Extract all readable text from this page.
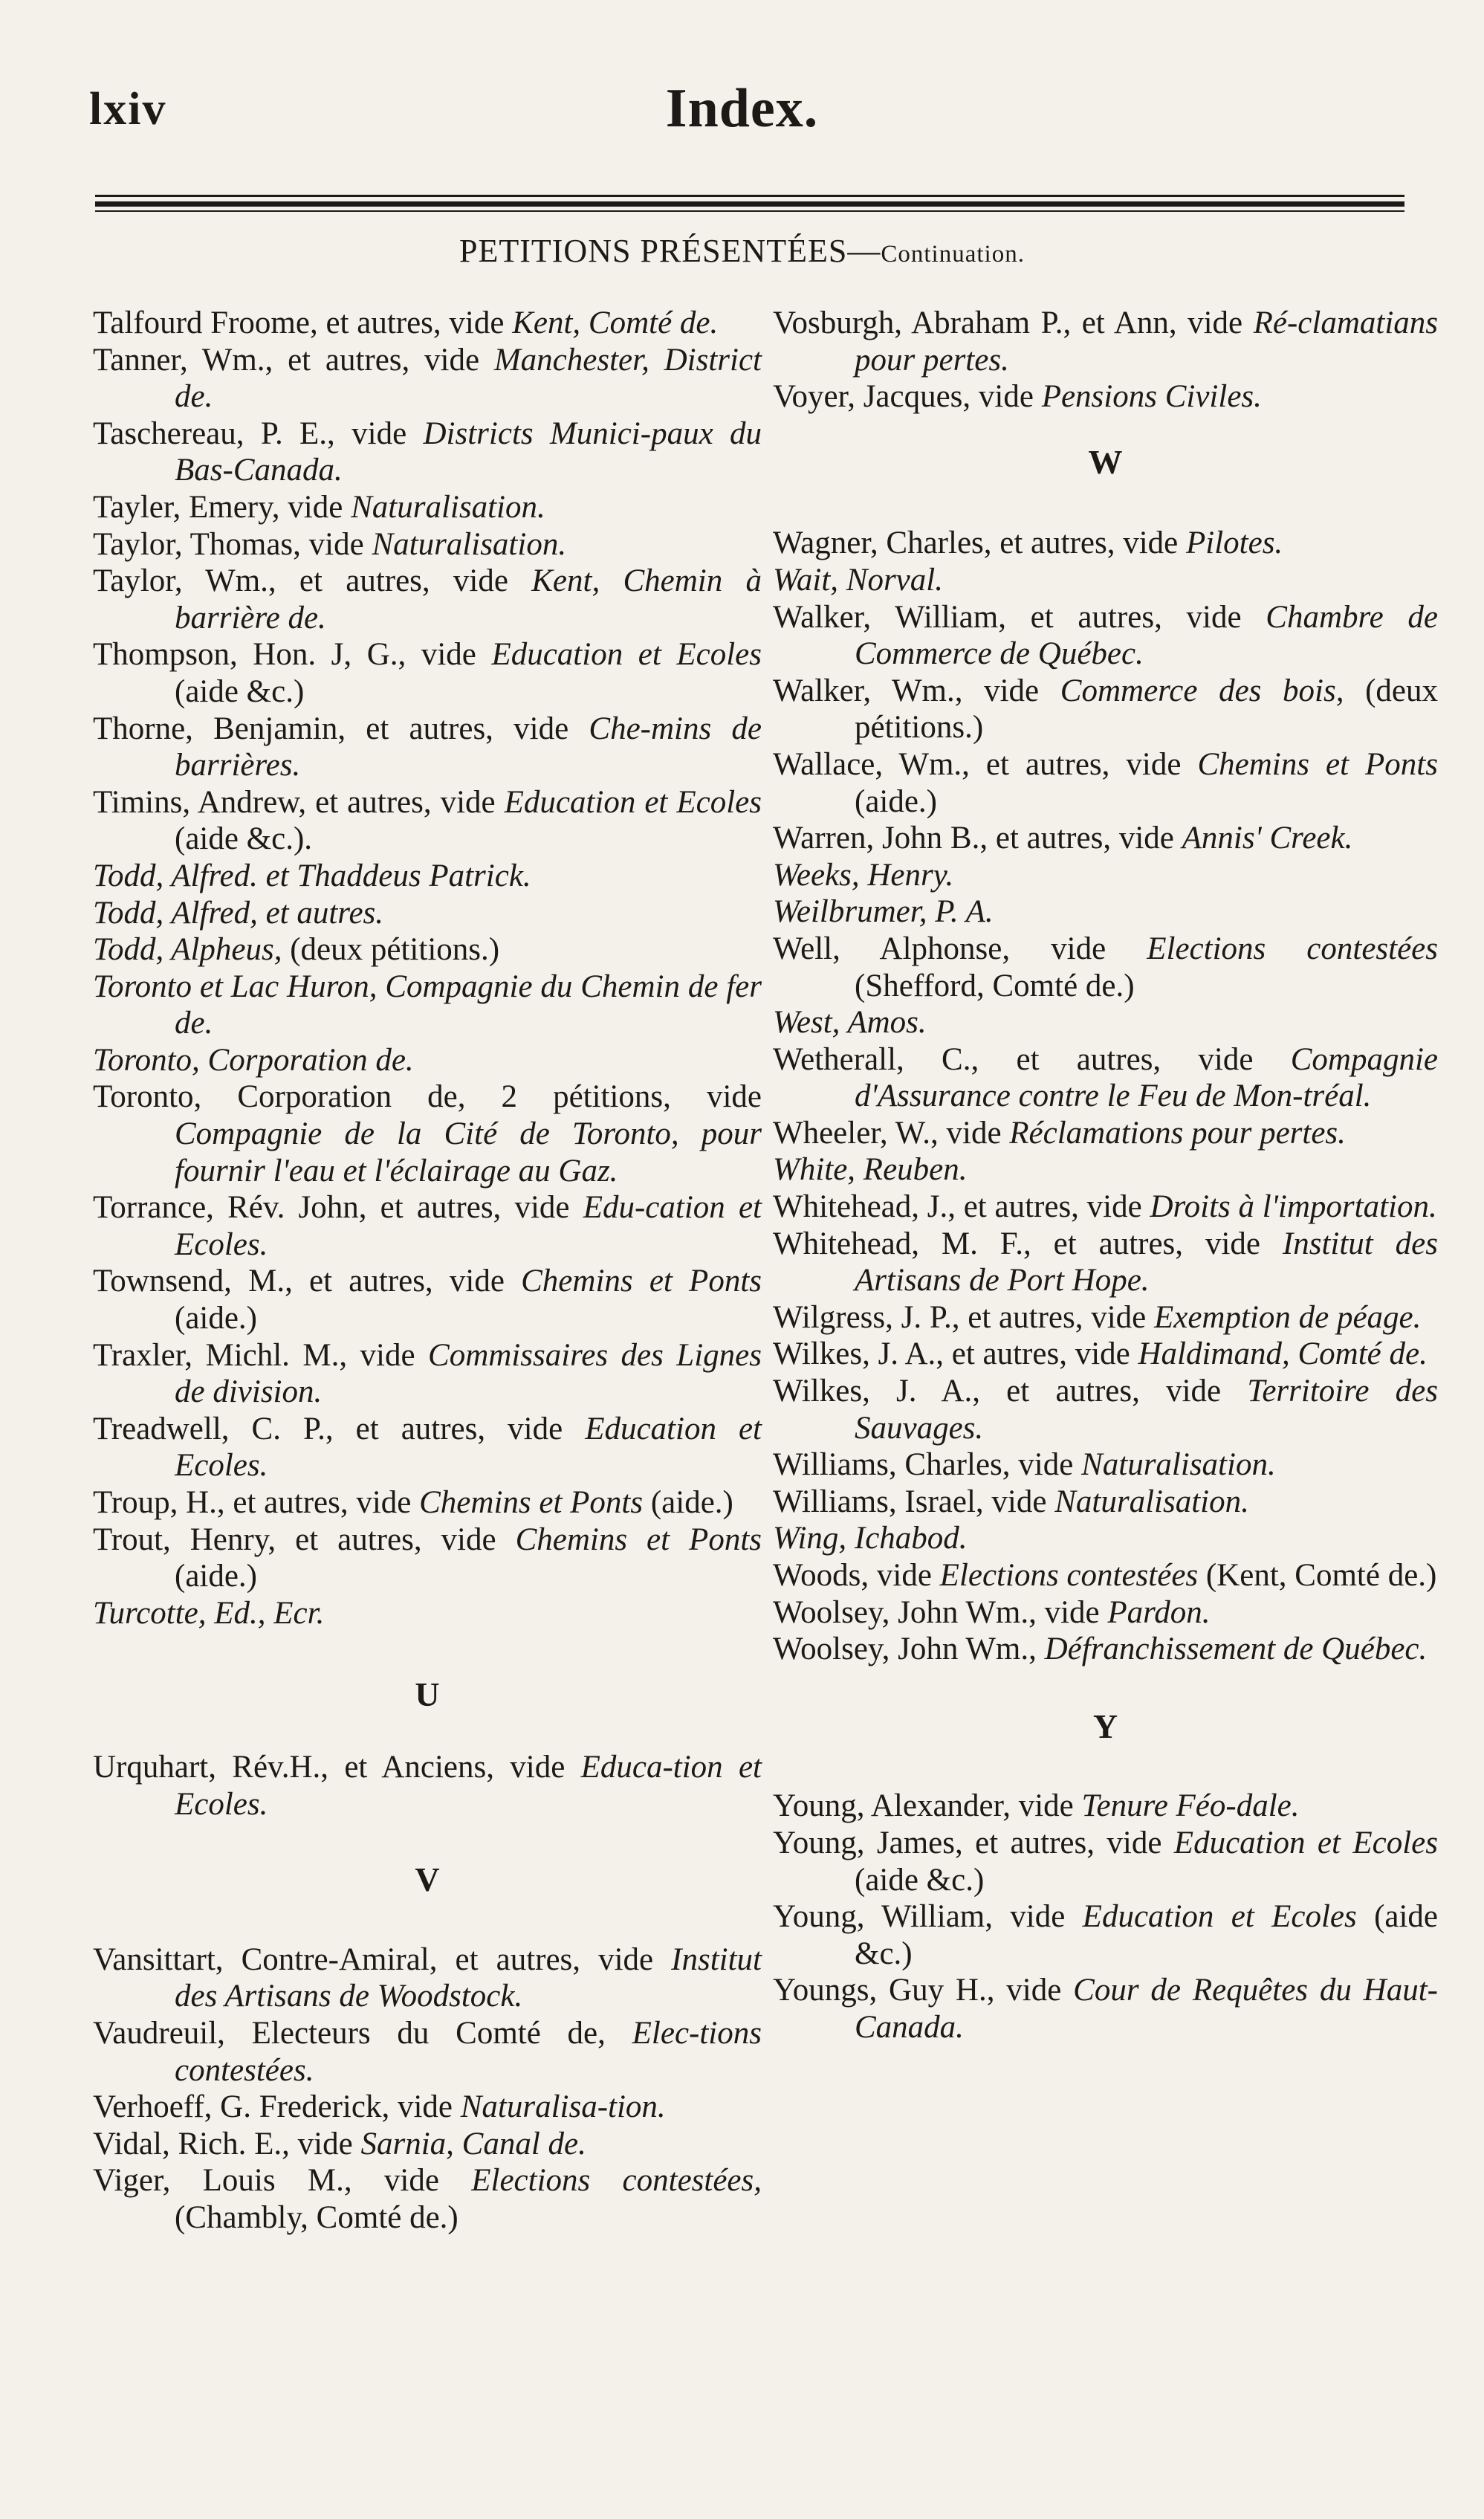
lxiv	Index.
PETITIONS PRÉSENTÉES—Continuation.
Talfourd Froome, et autres, vide Kent, Comté de.
Tanner, Wm., et autres, vide Manchester, District de.
Taschereau, P. E., vide Districts Munici-paux du Bas-Canada.
Tayler, Emery, vide Naturalisation.
Taylor, Thomas, vide Naturalisation.
Taylor, Wm., et autres, vide Kent, Chemin à barrière de.
Thompson, Hon. J, G., vide Education et Ecoles (aide &c.)
Thorne, Benjamin, et autres, vide Che-mins de barrières.
Timins, Andrew, et autres, vide Education et Ecoles (aide &c.).
Todd, Alfred. et Thaddeus Patrick.
Todd, Alfred, et autres.
Todd, Alpheus, (deux pétitions.)
Toronto et Lac Huron, Compagnie du Chemin de fer de.
Toronto, Corporation de.
Toronto, Corporation de, 2 pétitions, vide Compagnie de la Cité de Toronto, pour fournir l'eau et l'éclairage au Gaz.
Torrance, Rév. John, et autres, vide Edu-cation et Ecoles.
Townsend, M., et autres, vide Chemins et Ponts (aide.)
Traxler, Michl. M., vide Commissaires des Lignes de division.
Treadwell, C. P., et autres, vide Education et Ecoles.
Troup, H., et autres, vide Chemins et Ponts (aide.)
Trout, Henry, et autres, vide Chemins et Ponts (aide.)
Turcotte, Ed., Ecr.
U
Urquhart, Rév.H., et Anciens, vide Educa-tion et Ecoles.
V
Vansittart, Contre-Amiral, et autres, vide Institut des Artisans de Woodstock.
Vaudreuil, Electeurs du Comté de, Elec-tions contestées.
Verhoeff, G. Frederick, vide Naturalisa-tion.
Vidal, Rich. E., vide Sarnia, Canal de.
Viger, Louis M., vide Elections contestées, (Chambly, Comté de.)
Vosburgh, Abraham P., et Ann, vide Ré-clamatians pour pertes.
Voyer, Jacques, vide Pensions Civiles.
W
Wagner, Charles, et autres, vide Pilotes.
Wait, Norval.
Walker, William, et autres, vide Chambre de Commerce de Québec.
Walker, Wm., vide Commerce des bois, (deux pétitions.)
Wallace, Wm., et autres, vide Chemins et Ponts (aide.)
Warren, John B., et autres, vide Annis' Creek.
Weeks, Henry.
Weilbrumer, P. A.
Well, Alphonse, vide Elections contestées (Shefford, Comté de.)
West, Amos.
Wetherall, C., et autres, vide Compagnie d'Assurance contre le Feu de Mon-tréal.
Wheeler, W., vide Réclamations pour pertes.
White, Reuben.
Whitehead, J., et autres, vide Droits à l'importation.
Whitehead, M. F., et autres, vide Institut des Artisans de Port Hope.
Wilgress, J. P., et autres, vide Exemption de péage.
Wilkes, J. A., et autres, vide Haldimand, Comté de.
Wilkes, J. A., et autres, vide Territoire des Sauvages.
Williams, Charles, vide Naturalisation.
Williams, Israel, vide Naturalisation.
Wing, Ichabod.
Woods, vide Elections contestées (Kent, Comté de.)
Woolsey, John Wm., vide Pardon.
Woolsey, John Wm., Défranchissement de Québec.
Y
Young, Alexander, vide Tenure Féo-dale.
Young, James, et autres, vide Education et Ecoles (aide &c.)
Young, William, vide Education et Ecoles (aide &c.)
Youngs, Guy H., vide Cour de Requêtes du Haut-Canada.
